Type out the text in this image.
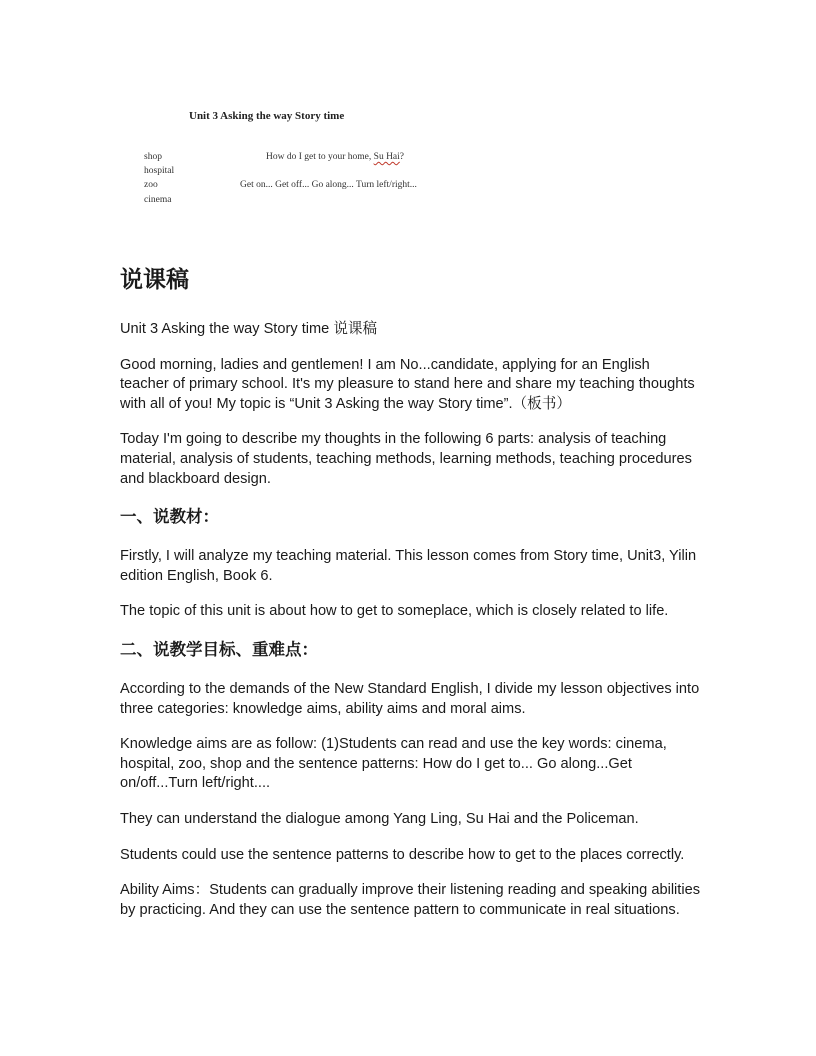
Unit 3 Asking the way Story time
shop
hospital
zoo
cinema
How do I get to your home, Su Hai?
Get on... Get off... Go along... Turn left/right...
说课稿

Unit 3 Asking the way Story time 说课稿

Good morning, ladies and gentlemen! I am No...candidate, applying for an English teacher of primary school. It's my pleasure to stand here and share my teaching thoughts with all of you! My topic is “Unit 3 Asking the way Story time”.（板书）

Today I'm going to describe my thoughts in the following 6 parts: analysis of teaching material, analysis of students, teaching methods, learning methods, teaching procedures and blackboard design.

一、说教材：

Firstly, I will analyze my teaching material. This lesson comes from Story time, Unit3, Yilin edition English, Book 6.

The topic of this unit is about how to get to someplace, which is closely related to life.

二、说教学目标、重难点：

According to the demands of the New Standard English, I divide my lesson objectives into three categories: knowledge aims, ability aims and moral aims.

Knowledge aims are as follow: (1)Students can read and use the key words: cinema, hospital, zoo, shop and the sentence patterns: How do I get to... Go along...Get on/off...Turn left/right....

They can understand the dialogue among Yang Ling, Su Hai and the Policeman.

Students could use the sentence patterns to describe how to get to the places correctly.

Ability Aims：Students can gradually improve their listening reading and speaking abilities by practicing. And they can use the sentence pattern to communicate in real situations.
